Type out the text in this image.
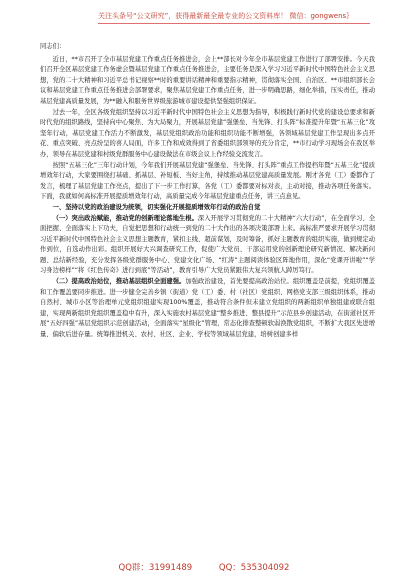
关注头条号“公文研究”，获得最新最全最专业的公文资料库！ 微信：gongwens｝

同志们：

近日，**市召开了全市基层党建工作重点任务推进会，会上**部长对今年全市基层党建工作进行了部署安排。今天我们召开全区基层党建工作务虚会暨基层党建工作重点任务推进会，主要任务是深入学习习近平新时代中国特色社会主义思想，党的二十大精神和习近平总书记视察**时的重要讲话精神和重要指示精神，贯彻落实全国、自治区、**市组织部长会议和基层党建工作重点任务推进会部署要求，聚焦基层党建工作重点任务，进一步明确思路，细化举措，压实责任，推动基层党建高质量发展，为**融入和服务世界级旅游城市建设提供坚强组织保证。

过去一年，全区各级党组织坚持以习近平新时代中国特色社会主义思想为指导，积极践行新时代党的建设总要求和新时代党的组织路线，坚持向中心聚焦、为大局聚力，开展基层党建“强堡垒、当先锋、打头阵”标准提升年暨“五基三化”攻坚年行动，基层党建工作活力不断激发，基层党组织政治功能和组织功能不断增强，各领域基层党建工作呈现出多点开花、重点突破、亮点纷呈的喜人局面，许多工作和成效得到了省委组织部领导的充分肯定，**市行动学习现场会在我区举办，领导在基层党建和村级党群服务中心建设做法在市级会议上作经验交流发言。

按照“五基三化”三年行动计划，今年我们开展基层党建“强堡垒、当先锋、打头阵”重点工作提档年暨“五基三化”提质增效年行动，大家要围绕打基础、抓基层、补短板、当好主角，持续推动基层党建高质量发展。刚才各党（工）委都作了发言，梳理了基层党建工作亮点，提出了下一步工作打算，各党（工）委都要对标对表，主动对接，推动各项任务落实。下面，我就如何高标准开展提质增效年行动，高质量完成今年基层党建重点任务，讲三点意见。

一、坚持以党的政治建设为统领，切实强化开展提质增效年行动的政治自觉

（一）突出政治赋能，推动党的创新理论落地生根。深入开展学习贯彻党的二十大精神“六大行动”，在全面学习、全面把握、全面落实上下功夫，自觉把思想和行动统一到党的二十大作出的各项决策部署上来。高标准严要求开展学习贯彻习近平新时代中国特色社会主义思想主题教育，紧扣主线、超前谋划，及时筹备，抓好主题教育的组织实施，做到规定动作到位，自选动作出彩。组织开展好大兴调查研究工作，促使广大党员、干部运用党的创新理论研究新情况、解决新问题、总结新经验，充分发挥各级党群服务中心、党建文化广场、“红涛”主题阅读体验区阵地作用，深化“党课开讲啦”“学习身边榜样”“将《红色传奇》进行到底”等活动”，教育引导广大党员紧跟伟大复兴领航人踔厉笃行。

（二）提高政治站位，推动基层组织全面建强。加强政治建设，首先要提高政治站位。组织覆盖是前提，党组织覆盖和工作覆盖要同步推进。进一步健全完善乡镇（街道）党（工）委、村（社区）党组织、网格党支部三级组织体系，推动自然村、城市小区等治理单元党组织组建实现100%覆盖，推动符合条件但未建立党组织的两新组织单独组建或联合组建，实现两新组织党组织覆盖稳中有升，深入实施农村基层党建“整乡推进、整县提升”示范县乡创建活动，在街道社区开展“五好四强”基层党组织示范创建活动，全面落实“星级化”管理，常态化排查整顿软弱涣散党组织，不断扩大我区先进增量、偏软后进存量。统筹推进机关、农村、社区、企业、学校等领域基层党建，培树创建多样

QQ群：31991489	QQ：535304092
